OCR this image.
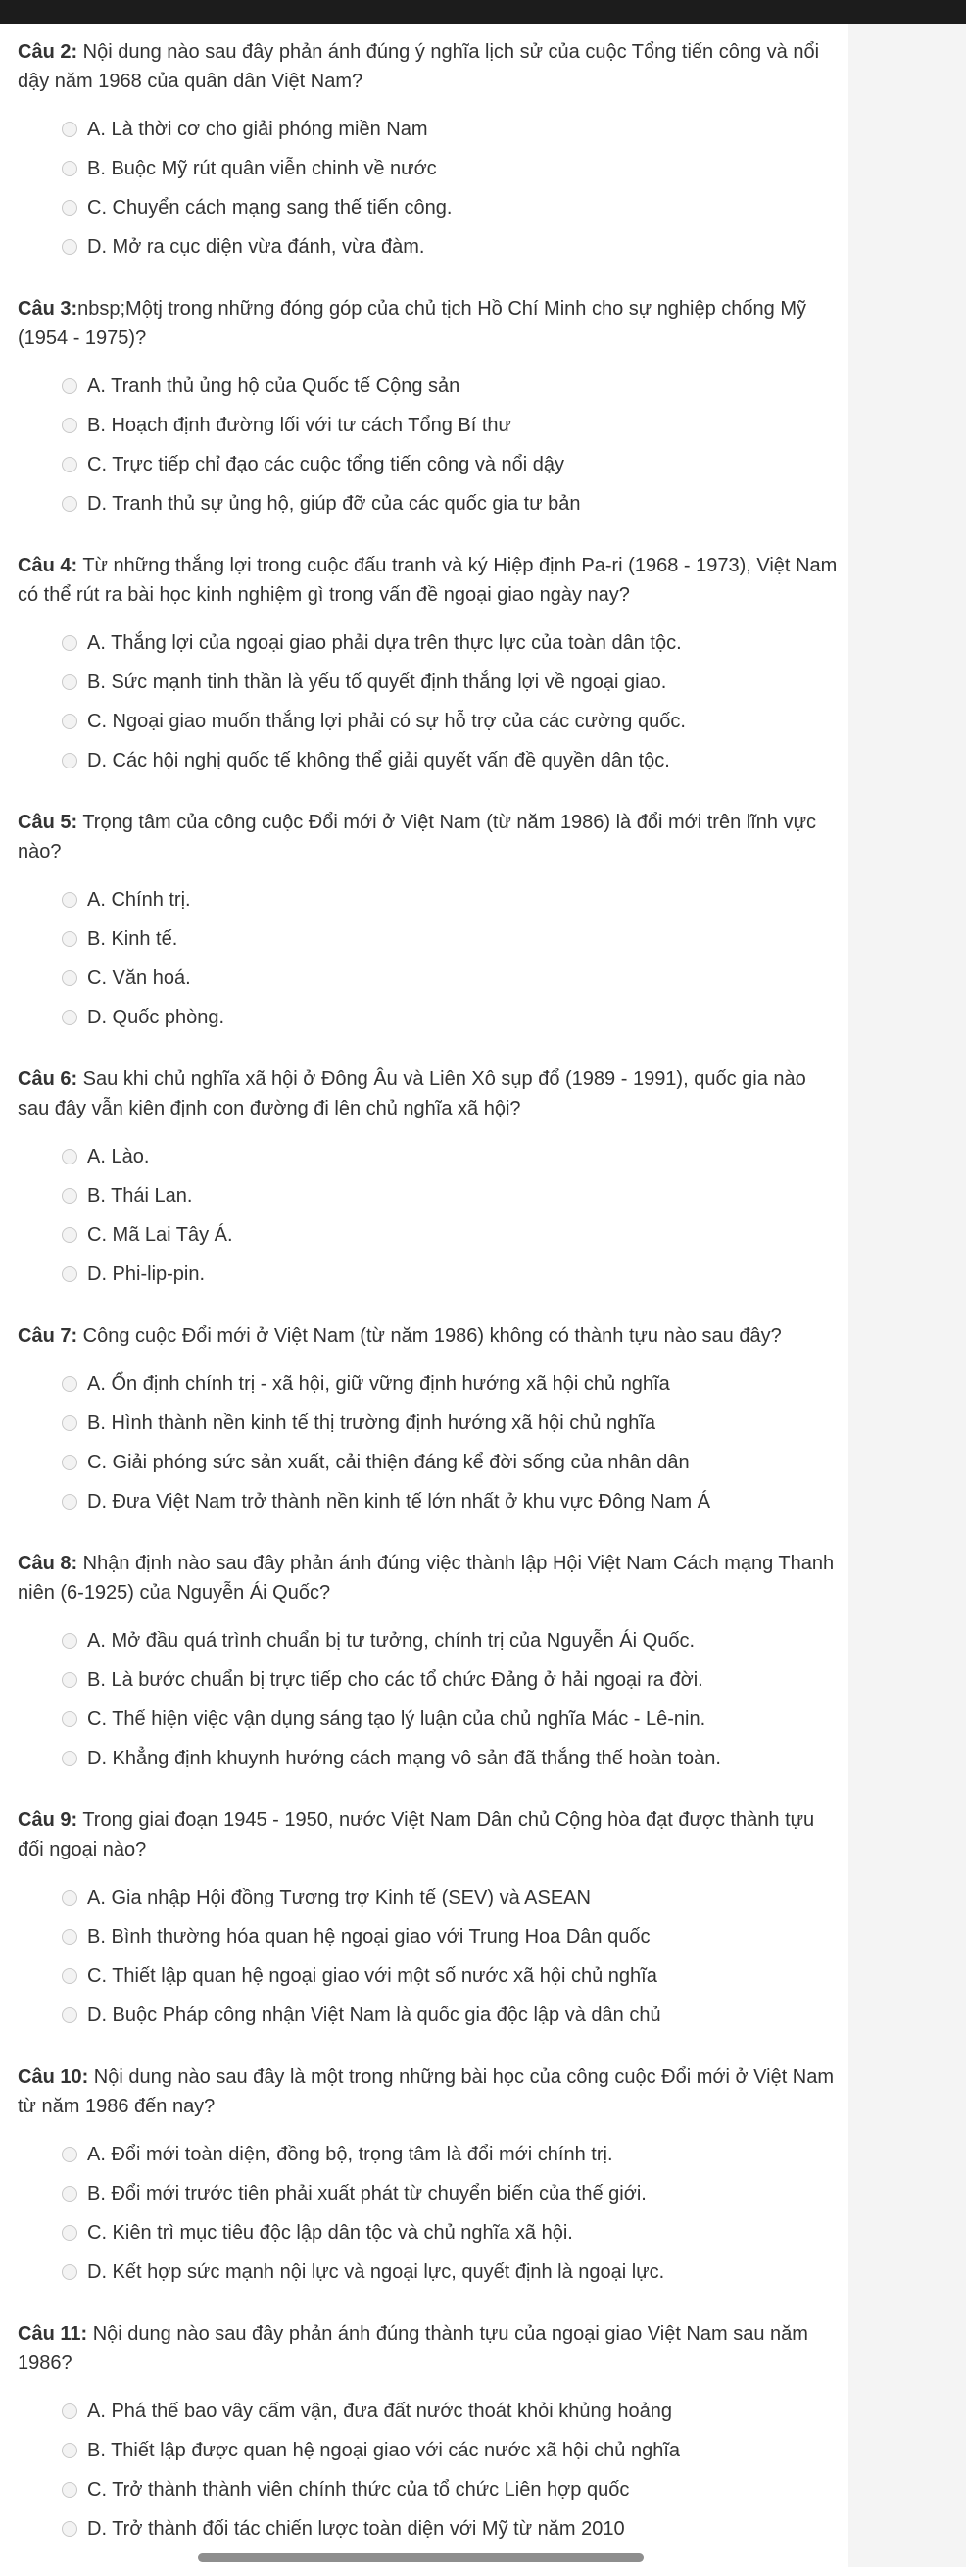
Câu 2: Nội dung nào sau đây phản ánh đúng ý nghĩa lịch sử của cuộc Tổng tiến công và nổi dậy năm 1968 của quân dân Việt Nam?
A. Là thời cơ cho giải phóng miền Nam
B. Buộc Mỹ rút quân viễn chinh về nước
C. Chuyển cách mạng sang thế tiến công.
D. Mở ra cục diện vừa đánh, vừa đàm.
Câu 3:nbsp;Mộtj trong những đóng góp của chủ tịch Hồ Chí Minh cho sự nghiệp chống Mỹ (1954 - 1975)?
A. Tranh thủ ủng hộ của Quốc tế Cộng sản
B. Hoạch định đường lối với tư cách Tổng Bí thư
C. Trực tiếp chỉ đạo các cuộc tổng tiến công và nổi dậy
D. Tranh thủ sự ủng hộ, giúp đỡ của các quốc gia tư bản
Câu 4: Từ những thắng lợi trong cuộc đấu tranh và ký Hiệp định Pa-ri (1968 - 1973), Việt Nam có thể rút ra bài học kinh nghiệm gì trong vấn đề ngoại giao ngày nay?
A. Thắng lợi của ngoại giao phải dựa trên thực lực của toàn dân tộc.
B. Sức mạnh tinh thần là yếu tố quyết định thắng lợi về ngoại giao.
C. Ngoại giao muốn thắng lợi phải có sự hỗ trợ của các cường quốc.
D. Các hội nghị quốc tế không thể giải quyết vấn đề quyền dân tộc.
Câu 5: Trọng tâm của công cuộc Đổi mới ở Việt Nam (từ năm 1986) là đổi mới trên lĩnh vực nào?
A. Chính trị.
B. Kinh tế.
C. Văn hoá.
D. Quốc phòng.
Câu 6: Sau khi chủ nghĩa xã hội ở Đông Âu và Liên Xô sụp đổ (1989 - 1991), quốc gia nào sau đây vẫn kiên định con đường đi lên chủ nghĩa xã hội?
A. Lào.
B. Thái Lan.
C. Mã Lai Tây Á.
D. Phi-lip-pin.
Câu 7: Công cuộc Đổi mới ở Việt Nam (từ năm 1986) không có thành tựu nào sau đây?
A. Ổn định chính trị - xã hội, giữ vững định hướng xã hội chủ nghĩa
B. Hình thành nền kinh tế thị trường định hướng xã hội chủ nghĩa
C. Giải phóng sức sản xuất, cải thiện đáng kể đời sống của nhân dân
D. Đưa Việt Nam trở thành nền kinh tế lớn nhất ở khu vực Đông Nam Á
Câu 8: Nhận định nào sau đây phản ánh đúng việc thành lập Hội Việt Nam Cách mạng Thanh niên (6-1925) của Nguyễn Ái Quốc?
A. Mở đầu quá trình chuẩn bị tư tưởng, chính trị của Nguyễn Ái Quốc.
B. Là bước chuẩn bị trực tiếp cho các tổ chức Đảng ở hải ngoại ra đời.
C. Thể hiện việc vận dụng sáng tạo lý luận của chủ nghĩa Mác - Lê-nin.
D. Khẳng định khuynh hướng cách mạng vô sản đã thắng thế hoàn toàn.
Câu 9: Trong giai đoạn 1945 - 1950, nước Việt Nam Dân chủ Cộng hòa đạt được thành tựu đối ngoại nào?
A. Gia nhập Hội đồng Tương trợ Kinh tế (SEV) và ASEAN
B. Bình thường hóa quan hệ ngoại giao với Trung Hoa Dân quốc
C. Thiết lập quan hệ ngoại giao với một số nước xã hội chủ nghĩa
D. Buộc Pháp công nhận Việt Nam là quốc gia độc lập và dân chủ
Câu 10: Nội dung nào sau đây là một trong những bài học của công cuộc Đổi mới ở Việt Nam từ năm 1986 đến nay?
A. Đổi mới toàn diện, đồng bộ, trọng tâm là đổi mới chính trị.
B. Đổi mới trước tiên phải xuất phát từ chuyển biến của thế giới.
C. Kiên trì mục tiêu độc lập dân tộc và chủ nghĩa xã hội.
D. Kết hợp sức mạnh nội lực và ngoại lực, quyết định là ngoại lực.
Câu 11: Nội dung nào sau đây phản ánh đúng thành tựu của ngoại giao Việt Nam sau năm 1986?
A. Phá thế bao vây cấm vận, đưa đất nước thoát khỏi khủng hoảng
B. Thiết lập được quan hệ ngoại giao với các nước xã hội chủ nghĩa
C. Trở thành thành viên chính thức của tổ chức Liên hợp quốc
D. Trở thành đối tác chiến lược toàn diện với Mỹ từ năm 2010
